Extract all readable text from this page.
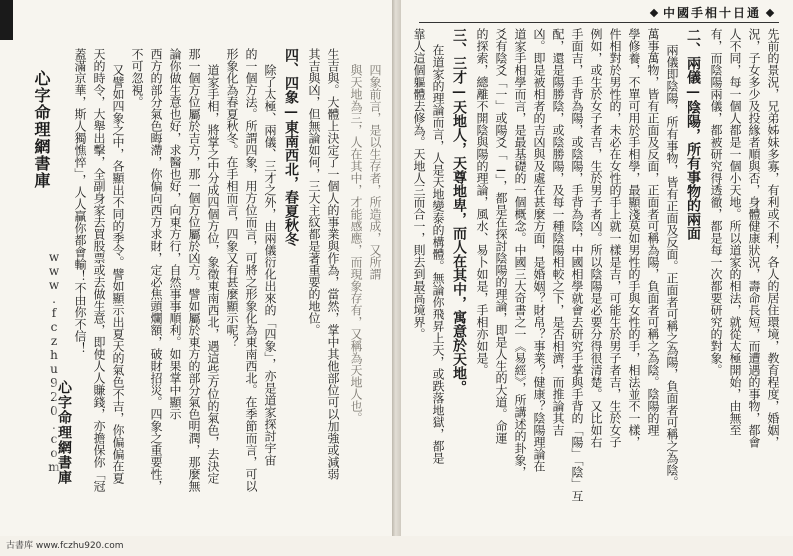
中國手相十日通
先前的景況，兄弟姊妹多寡，有利或不利，各人的居住環境，教育程度，婚姻，
況，子女多少及投緣者順與否，身體健康狀況，壽命長短，而遭遇的事物，都會
人不同，每一個人都是一個小天地。所以道家的相法，就從太極開始，由無至
有，而陰陽兩儀，都被研究得透徹，都是每一次都要研究的對象。
二、兩儀—陰陽，所有事物的兩面
兩儀即陰陽，所有事物，皆有正面及反面。正面者可稱之為陽，負面者可稱之為陰。
萬事萬物，皆有正面及反面，正面者可稱為陽，負面者可稱之為陰。陰陽的理
學修養，不單可用於手相學，最顯淺莫如男性的手與女性的手，相法並不一樣，
件相對於男性的，未必在女性的手上就一樣是吉，可能生於男子者吉，生於女子
例如，或生於女子者吉，生於男子者凶。所以陰陽是必要分得很清楚。又比如右
手面吉，手背為陽，或陰陽，手背為陰，中國相學就會去研究手掌與手背的「陽」「陰」互
配，還是陽勝陰，或陰勝陽，及每一種陰陽相較之下，是否相濟，而推論其吉
凶。即是被相者的吉凶與及處在甚麼方面，是婚姻？財帛？事業？健康？陰陽理論在
道家手相學而言，是最基礎的一個概念。中國三大奇書之一《易經》，所講述的卦象，
爻有陰爻「一」或陽爻「⚊」，都是在探討陰陽的理論，即是人生的大道。命運
的探索，總離不開陰與陽的理論，風水、易卜如是，手相亦如是。
三、三才—天地人，天尊地卑，而人在其中，寓意於天地。
在道家的理論而言，人是天地變泰的構體。無論你飛昇上天，或跌落地獄，都是
靠人這個軀體去修為。天地人三而合一，則去到最高境界。
四象前言，是以生存者，所造成，又所謂
與天地為三，人在其中，才能感應，而現象存有，又稱為天地人也。
生吉與。大體上決定了一個人的事業與作為，當然，掌中其他部位可以加強或減弱
其吉與凶，但無論如何，三大主紋都是著重要的地位。
四、四象—東南西北，春夏秋冬
除了太極、兩儀、三才之外，由兩儀衍化出來的「四象」，亦是道家探討宇宙
的一個方法。所謂四象，用方位而言，可將之形象化為東南西北。在季節而言，可以
形象化為春夏秋冬。在手相而言，四象又有甚麼顯示呢？
道家手相，將掌之中分成四個方位，象徵東南西北，遇這些方位的氣色，去決定
那一個方位屬於吉方，那一個方位屬於凶方。譬如屬於東方的部分氣色明潤，那麼無
論你做生意也好，求醫也好，向東方行，自然事事順利。如果掌中顯示
西方的部分氣色晦滯，你偏向西方求財，定必焦頭爛額，破財招災。四象之重要性，
不可忽視。
又譬如四象之中，各顯出不同的季令。譬如顯示出夏天的氣色不吉，你偏偏在夏
天的時令，大舉出擊，全副身家去買股票或去做生意，即使人人賺錢，亦擔保你「冠
蓋滿京華，斯人獨憔悴」，人人贏你都會輸！不由你不信！
心字命理網書庫
www.fczhu920.com
心字命理網書庫
古書库 www.fczhu920.com
